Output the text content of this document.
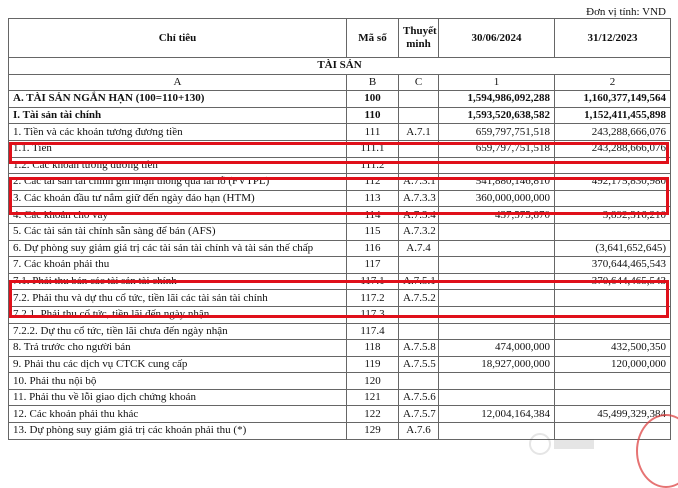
Đơn vị tính: VND
Chỉ tiêu	Mã số	Thuyết minh	30/06/2024	31/12/2023
TÀI SẢN				
A	B	C	1	2
A. TÀI SẢN NGẮN HẠN (100=110+130)	100		1,594,986,092,288	1,160,377,149,564
I. Tài sản tài chính	110		1,593,520,638,582	1,152,411,455,898
1. Tiền và các khoản tương đương tiền	111	A.7.1	659,797,751,518	243,288,666,076
1.1. Tiền	111.1		659,797,751,518	243,288,666,076
1.2. Các khoản tương đương tiền	111.2			
2. Các tài sản tài chính ghi nhận thông qua lãi lỗ (FVTPL)	112	A.7.3.1	541,880,146,810	492,175,830,980
3. Các khoản đầu tư nắm giữ đến ngày đáo hạn (HTM)	113	A.7.3.3	360,000,000,000	
4. Các khoản cho vay	114	A.7.3.4	437,575,870	3,892,316,210
5. Các tài sản tài chính sẵn sàng để bán (AFS)	115	A.7.3.2		
6. Dự phòng suy giảm giá trị các tài sản tài chính và tài sản thế chấp	116	A.7.4		(3,641,652,645)
7. Các khoản phải thu	117			370,644,465,543
7.1. Phải thu bán các tài sản tài chính	117.1	A.7.5.1		370,644,465,543
7.2. Phải thu và dự thu cổ tức, tiền lãi các tài sản tài chính	117.2	A.7.5.2		
7.2.1. Phải thu cổ tức, tiền lãi đến ngày nhận	117.3			
7.2.2. Dự thu cổ tức, tiền lãi chưa đến ngày nhận	117.4			
8. Trả trước cho người bán	118	A.7.5.8	474,000,000	432,500,350
9. Phải thu các dịch vụ CTCK cung cấp	119	A.7.5.5	18,927,000,000	120,000,000
10. Phải thu nội bộ	120			
11. Phải thu về lỗi giao dịch chứng khoán	121	A.7.5.6		
12. Các khoản phải thu khác	122	A.7.5.7	12,004,164,384	45,499,329,384
13. Dự phòng suy giảm giá trị các khoản phải thu (*)	129	A.7.6		
